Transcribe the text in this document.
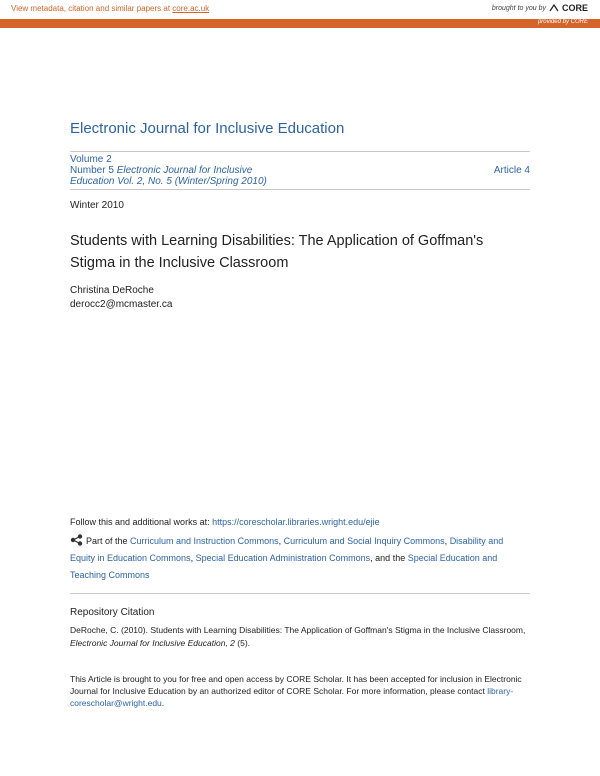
View metadata, citation and similar papers at core.ac.uk	brought to you by CORE
provided by CORE
Electronic Journal for Inclusive Education
Volume 2
Number 5 Electronic Journal for Inclusive
Education Vol. 2, No. 5 (Winter/Spring 2010)
Article 4
Winter 2010
Students with Learning Disabilities: The Application of Goffman's
Stigma in the Inclusive Classroom
Christina DeRoche
derocc2@mcmaster.ca
Follow this and additional works at: https://corescholar.libraries.wright.edu/ejie
Part of the Curriculum and Instruction Commons, Curriculum and Social Inquiry Commons, Disability and Equity in Education Commons, Special Education Administration Commons, and the Special Education and Teaching Commons
Repository Citation
DeRoche, C. (2010). Students with Learning Disabilities: The Application of Goffman's Stigma in the Inclusive Classroom, Electronic Journal for Inclusive Education, 2 (5).
This Article is brought to you for free and open access by CORE Scholar. It has been accepted for inclusion in Electronic Journal for Inclusive Education by an authorized editor of CORE Scholar. For more information, please contact library-corescholar@wright.edu.
